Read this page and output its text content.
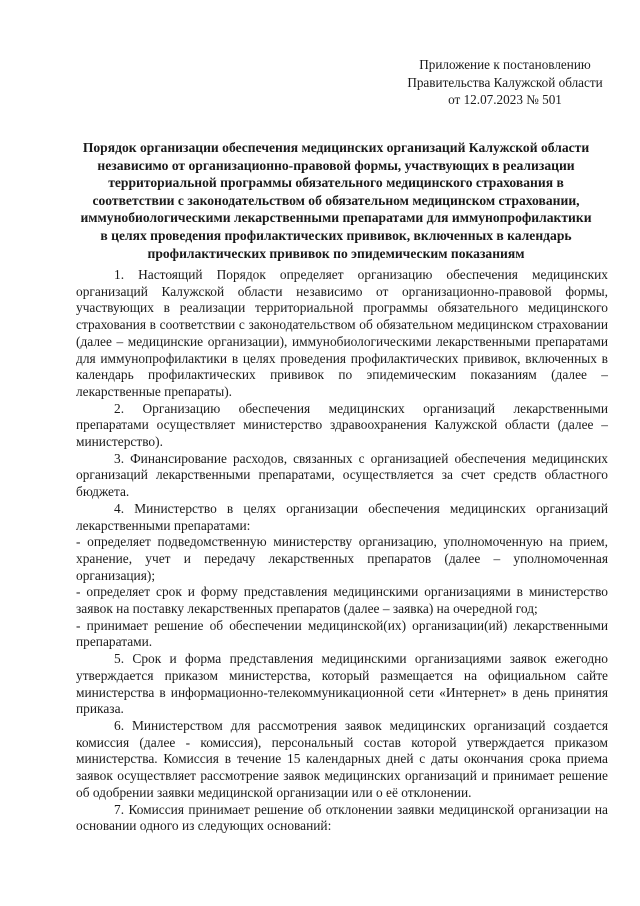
Приложение к постановлению
Правительства Калужской области
от 12.07.2023 № 501
Порядок организации обеспечения медицинских организаций Калужской области
независимо от организационно-правовой формы, участвующих в реализации
территориальной программы обязательного медицинского страхования в
соответствии с законодательством об обязательном медицинском страховании,
иммунобиологическими лекарственными препаратами для иммунопрофилактики
в целях проведения профилактических прививок, включенных в календарь
профилактических прививок по эпидемическим показаниям

1. Настоящий Порядок определяет организацию обеспечения медицинских организаций Калужской области независимо от организационно-правовой формы, участвующих в реализации территориальной программы обязательного медицинского страхования в соответствии с законодательством об обязательном медицинском страховании (далее – медицинские организации), иммунобиологическими лекарственными препаратами для иммунопрофилактики в целях проведения профилактических прививок, включенных в календарь профилактических прививок по эпидемическим показаниям (далее – лекарственные препараты).

2. Организацию обеспечения медицинских организаций лекарственными препаратами осуществляет министерство здравоохранения Калужской области (далее – министерство).

3. Финансирование расходов, связанных с организацией обеспечения медицинских организаций лекарственными препаратами, осуществляется за счет средств областного бюджета.

4. Министерство в целях организации обеспечения медицинских организаций лекарственными препаратами:

- определяет подведомственную министерству организацию, уполномоченную на прием, хранение, учет и передачу лекарственных препаратов (далее – уполномоченная организация);

- определяет срок и форму представления медицинскими организациями в министерство заявок на поставку лекарственных препаратов (далее – заявка) на очередной год;

- принимает решение об обеспечении медицинской(их) организации(ий) лекарственными препаратами.

5. Срок и форма представления медицинскими организациями заявок ежегодно утверждается приказом министерства, который размещается на официальном сайте министерства в информационно-телекоммуникационной сети «Интернет» в день принятия приказа.

6. Министерством для рассмотрения заявок медицинских организаций создается комиссия (далее - комиссия), персональный состав которой утверждается приказом министерства. Комиссия в течение 15 календарных дней с даты окончания срока приема заявок осуществляет рассмотрение заявок медицинских организаций и принимает решение об одобрении заявки медицинской организации или о её отклонении.

7. Комиссия принимает решение об отклонении заявки медицинской организации на основании одного из следующих оснований:
